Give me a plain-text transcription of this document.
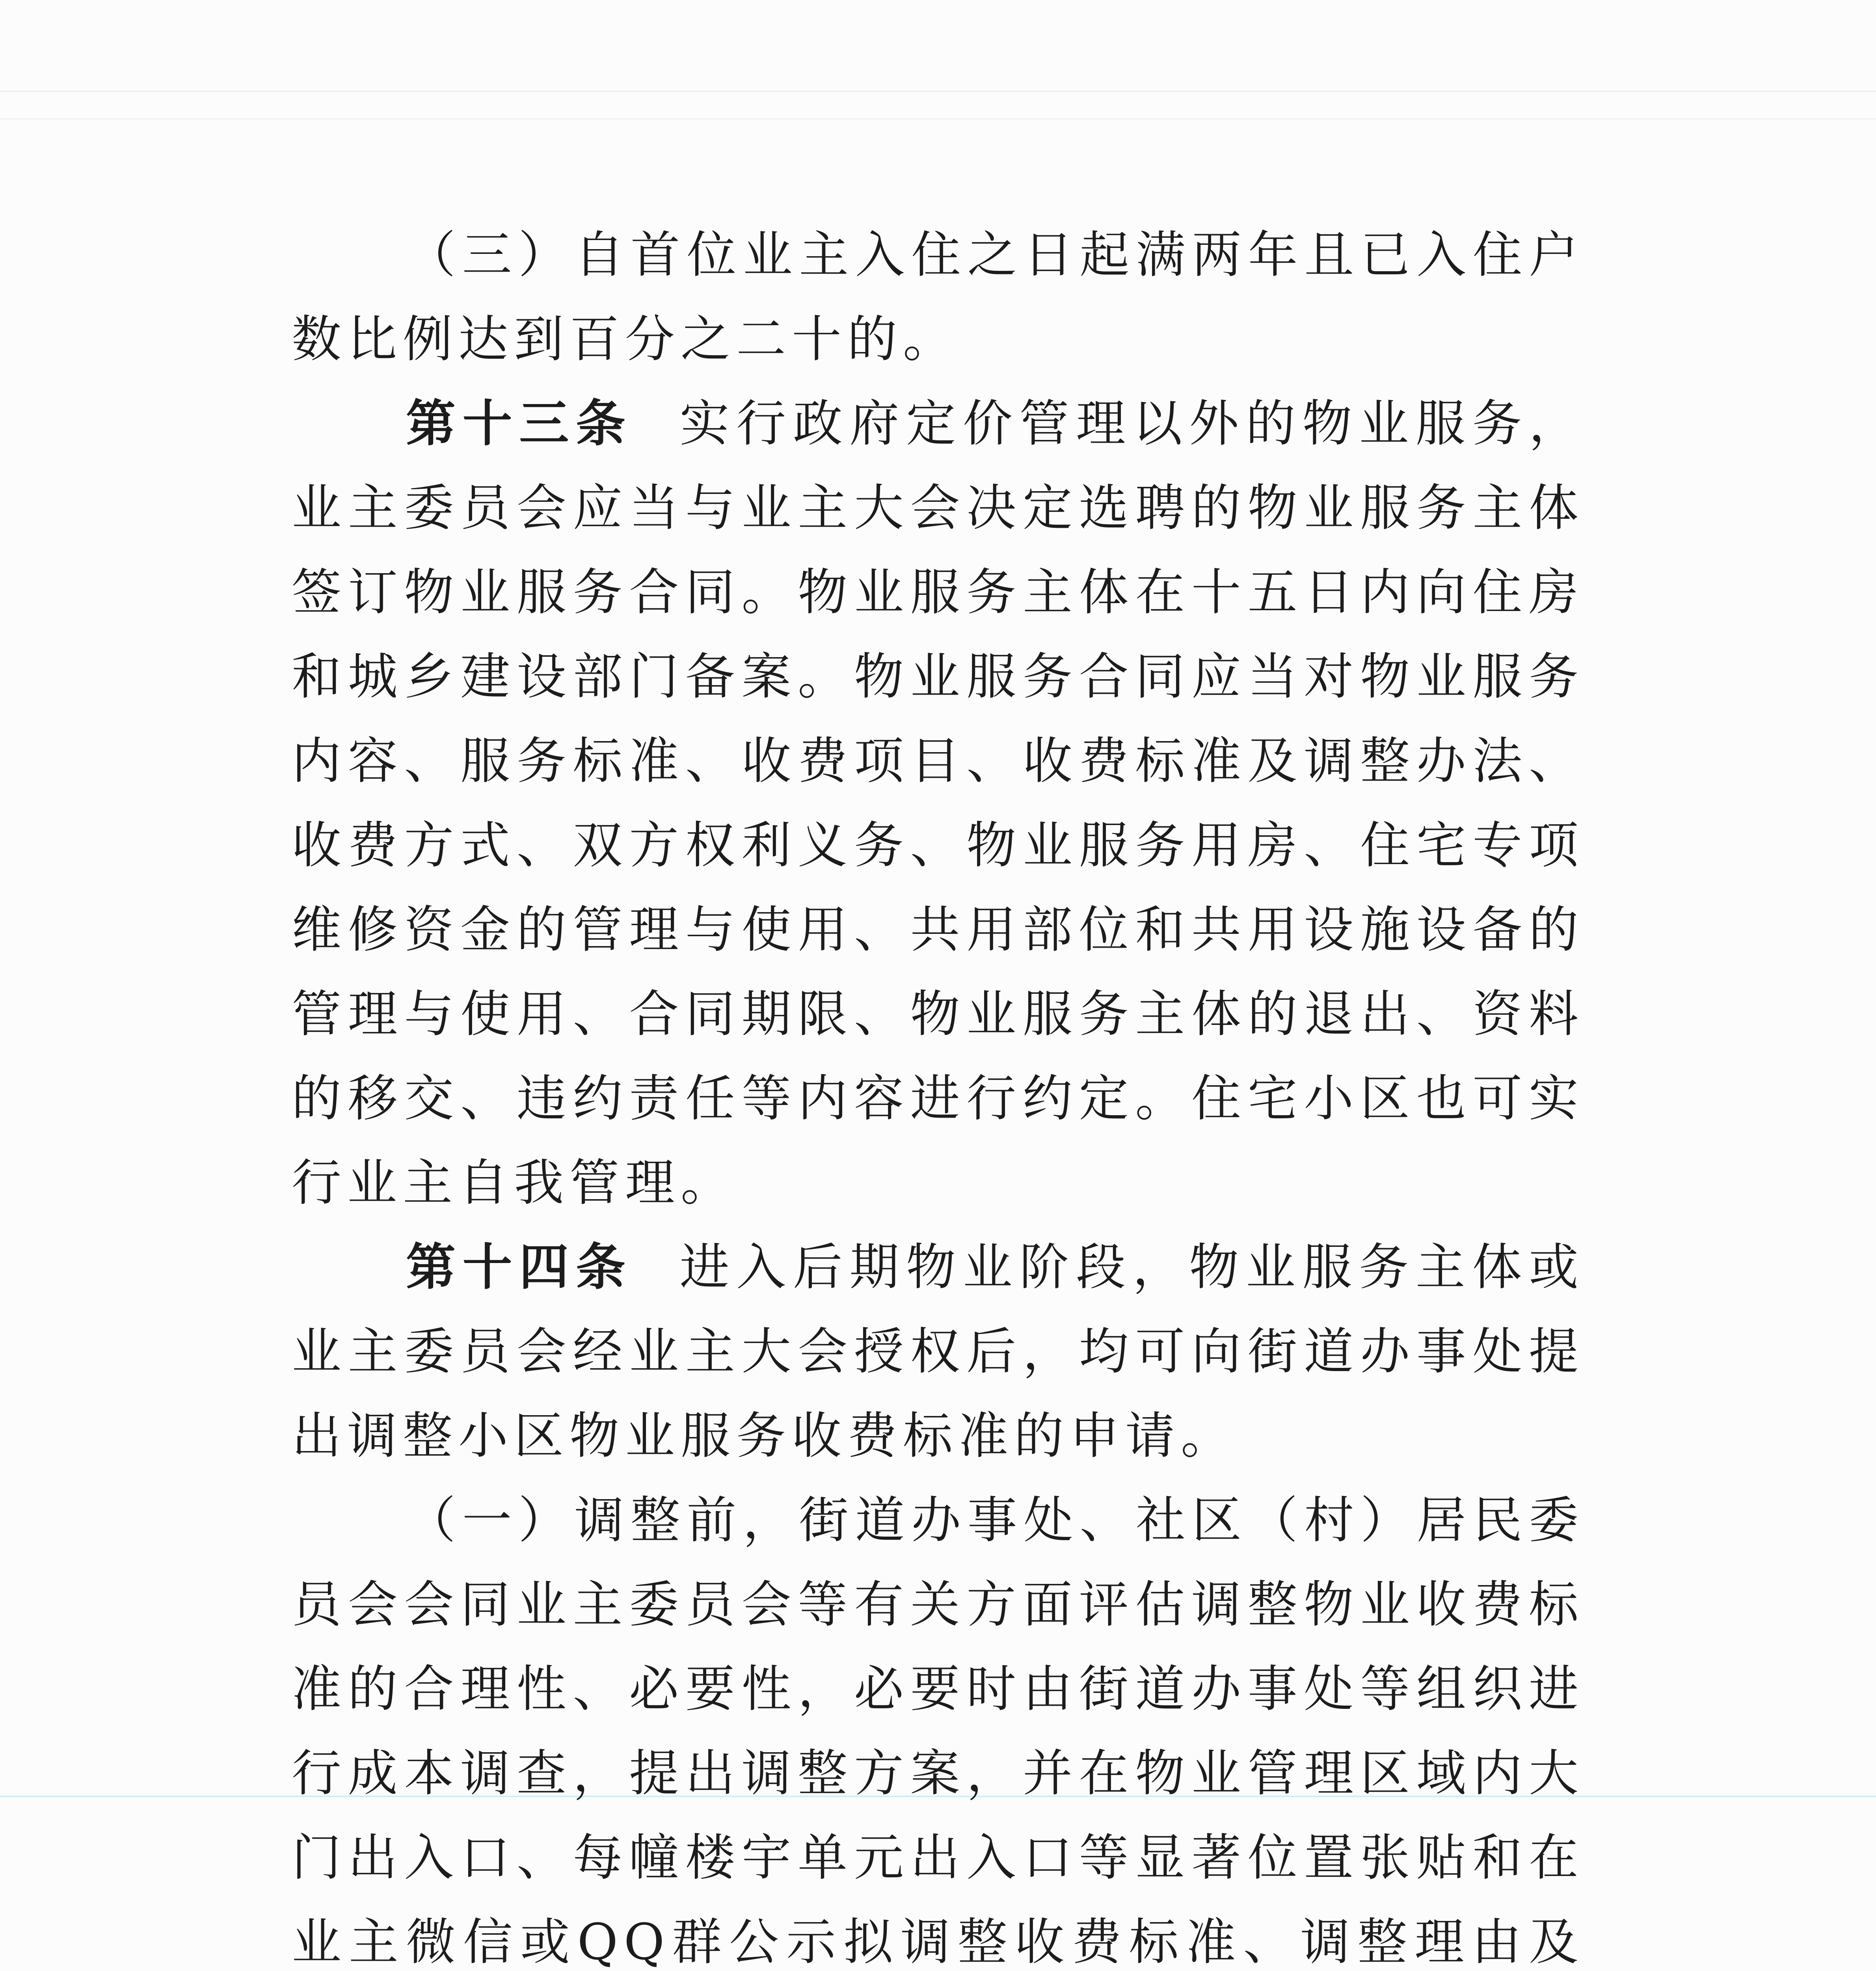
（三）自首位业主入住之日起满两年且已入住户数比例达到百分之二十的。

第十三条 实行政府定价管理以外的物业服务，业主委员会应当与业主大会决定选聘的物业服务主体签订物业服务合同。物业服务主体在十五日内向住房和城乡建设部门备案。物业服务合同应当对物业服务内容、服务标准、收费项目、收费标准及调整办法、收费方式、双方权利义务、物业服务用房、住宅专项维修资金的管理与使用、共用部位和共用设施设备的管理与使用、合同期限、物业服务主体的退出、资料的移交、违约责任等内容进行约定。住宅小区也可实行业主自我管理。

第十四条 进入后期物业阶段，物业服务主体或业主委员会经业主大会授权后，均可向街道办事处提出调整小区物业服务收费标准的申请。

（一）调整前，街道办事处、社区（村）居民委员会会同业主委员会等有关方面评估调整物业收费标准的合理性、必要性，必要时由街道办事处等组织进行成本调查，提出调整方案，并在物业管理区域内大门出入口、每幢楼宇单元出入口等显著位置张贴和在业主微信或QQ群公示拟调整收费标准、调整理由及
